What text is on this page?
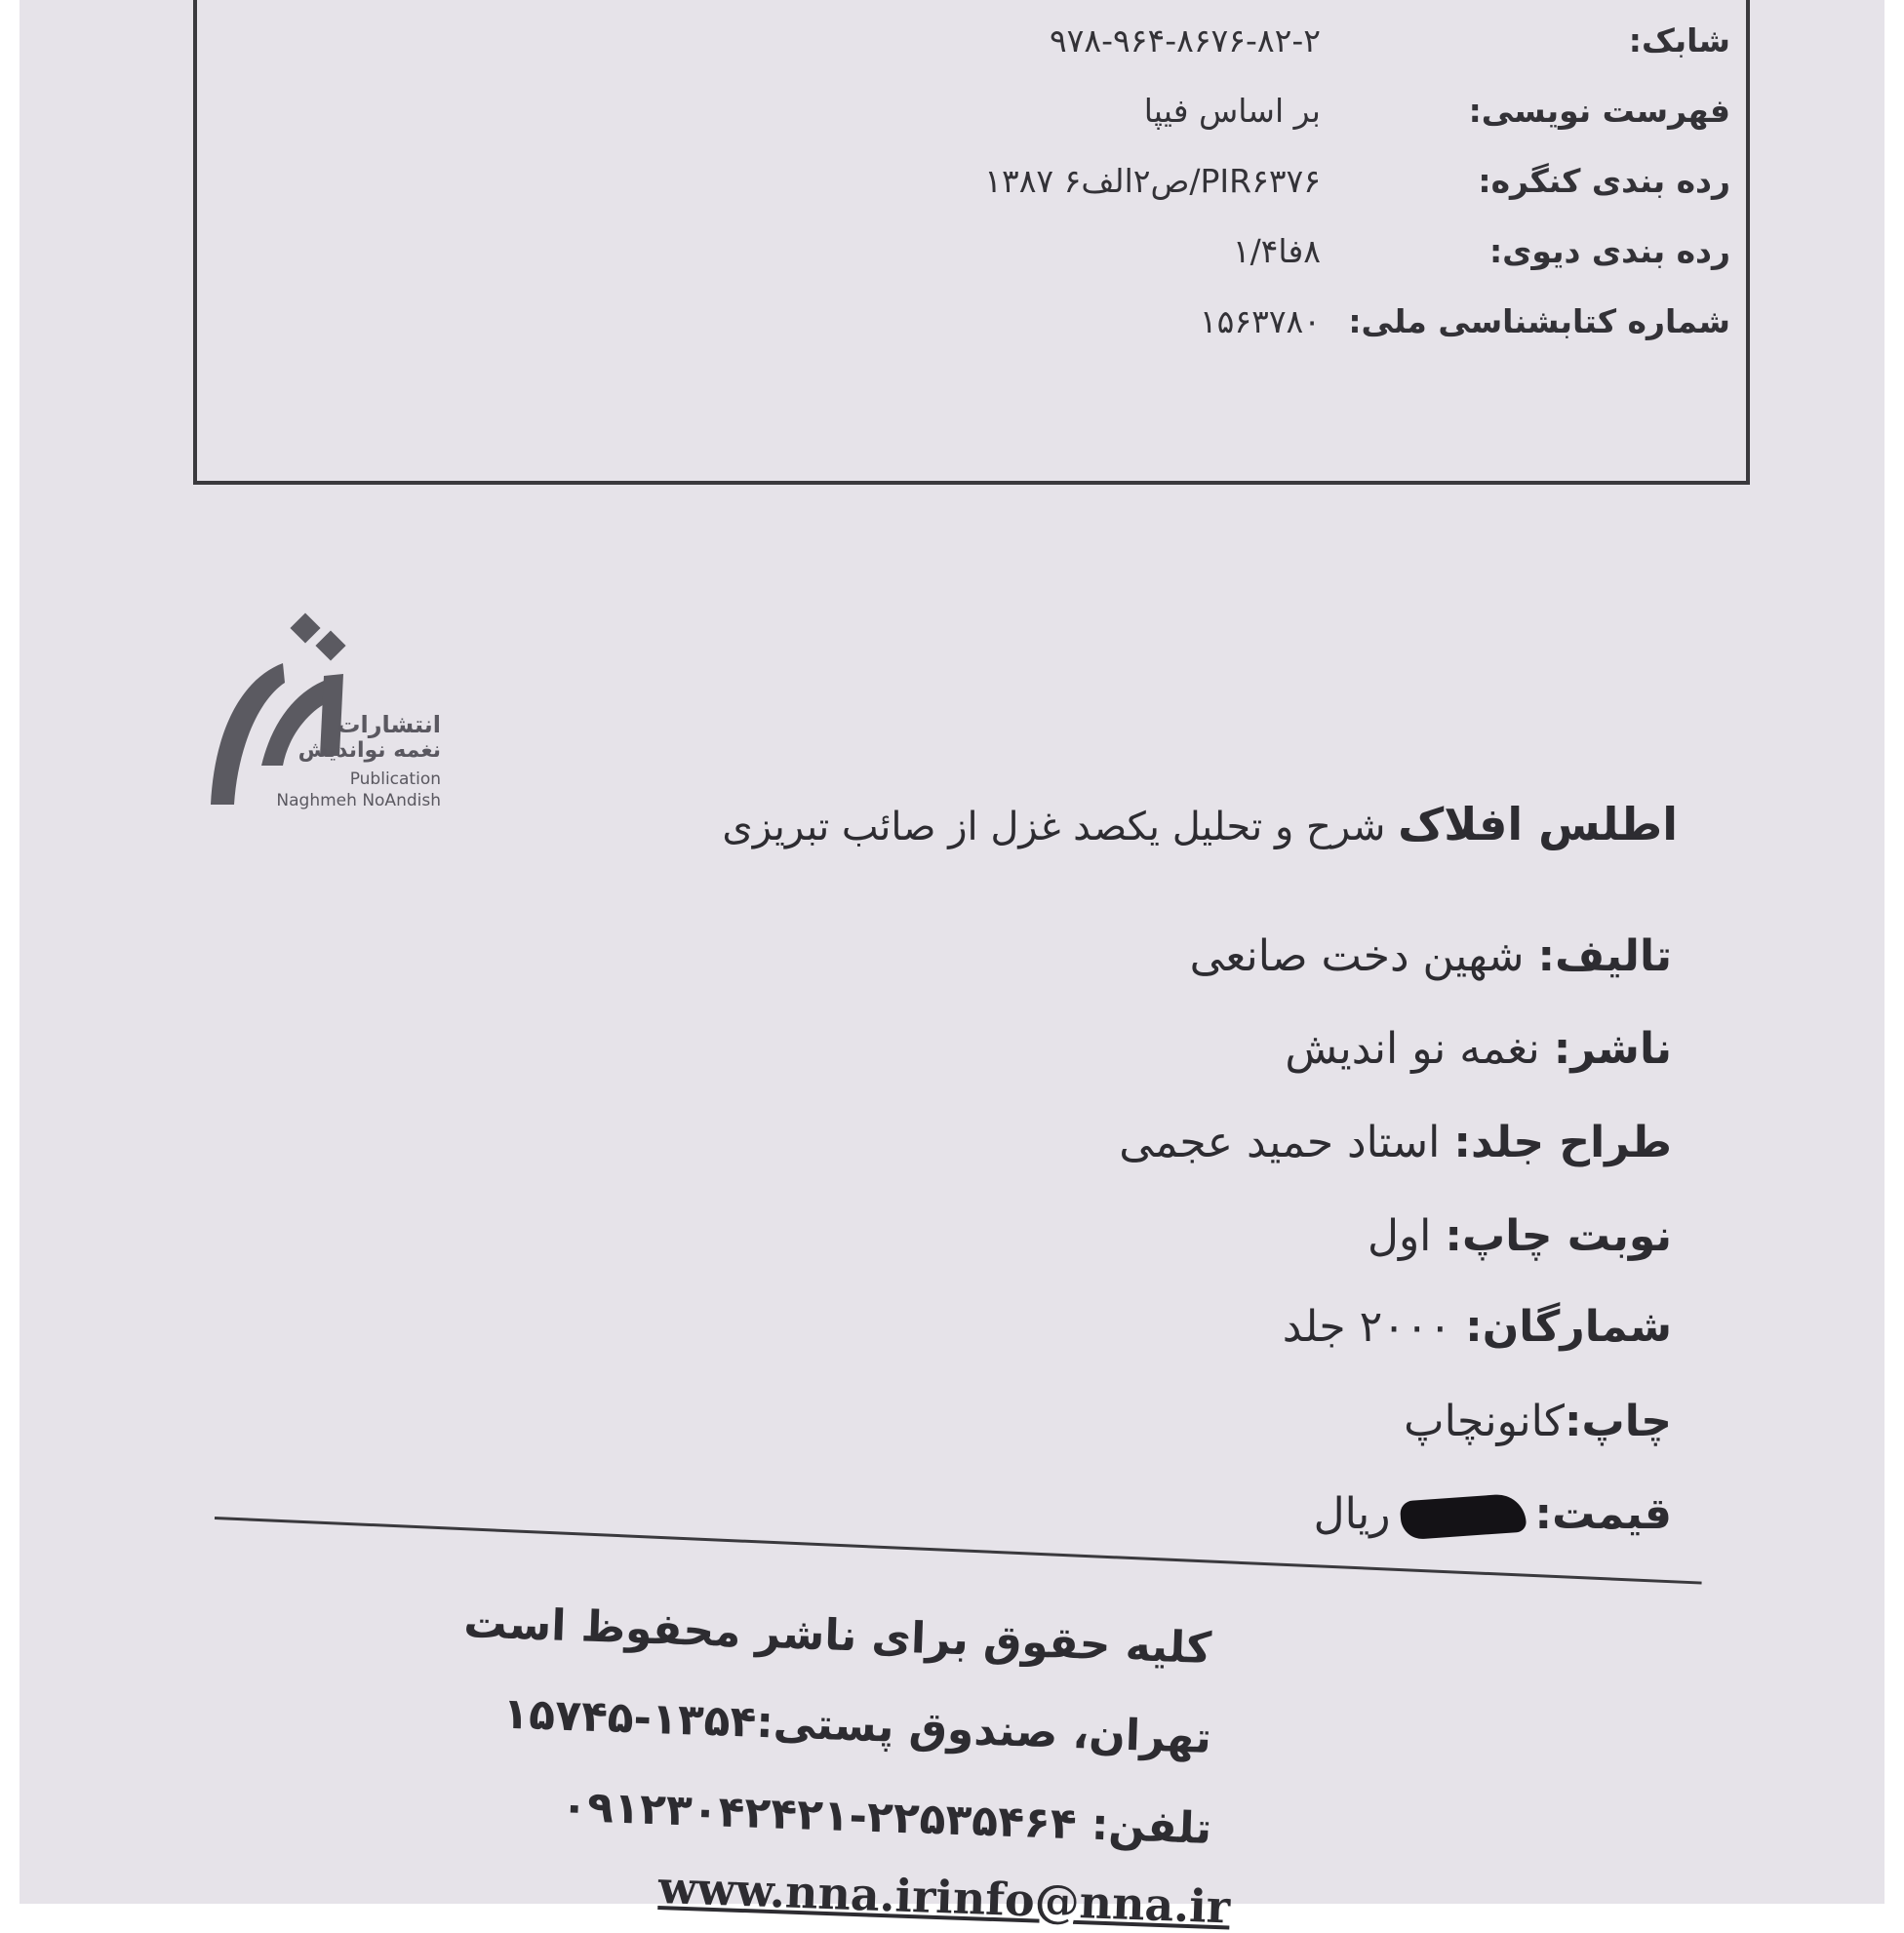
شابک:
۹۷۸-۹۶۴-۸۶۷۶-۸۲-۲
فهرست نویسی:
بر اساس فیپا
رده بندی کنگره:
PIR۶۳۷۶/ص۲الف۶ ۱۳۸۷
رده بندی دیوی:
۸فا۱/۴
شماره کتابشناسی ملی:
۱۵۶۳۷۸۰
انتشارات
نغمه نواندیش
Publication
Naghmeh NoAndish	اطلس افلاک شرح و تحلیل یکصد غزل از صائب تبریزی
تالیف:شهین دخت صانعی
ناشر:نغمه نو اندیش
طراح جلد:استاد حمید عجمی
نوبت چاپ:اول
شمارگان:۲۰۰۰ جلد
چاپ:کانونچاپ
قیمت:ریال
کلیه حقوق برای ناشر محفوظ است
تهران، صندوق پستی:۱۳۵۴-۱۵۷۴۵
تلفن: ۲۲۵۳۵۴۶۴-۰۹۱۲۳۰۴۲۴۲۱
www.nna.irinfo@nna.ir
